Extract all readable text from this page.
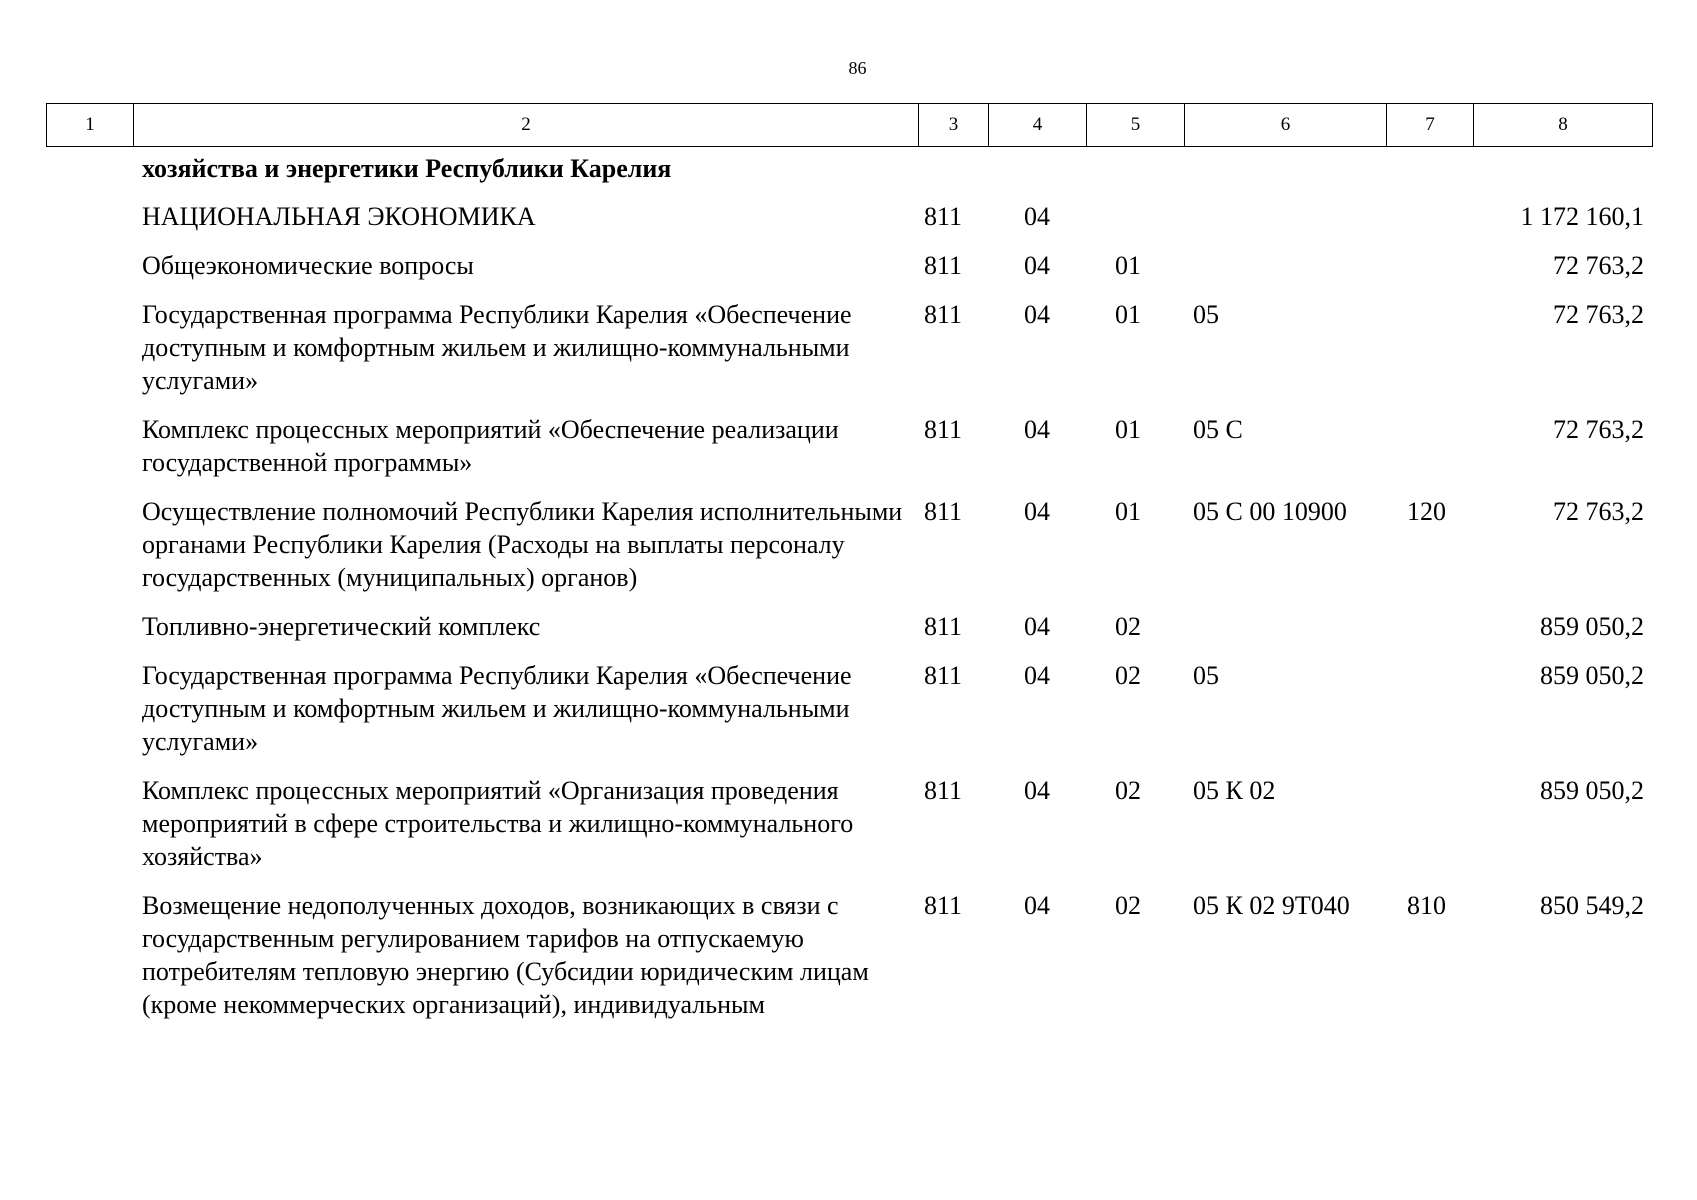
86
1	2	3	4	5	6	7	8
хозяйства и энергетики Республики Карелия						
НАЦИОНАЛЬНАЯ ЭКОНОМИКА	811	04				1 172 160,1
Общеэкономические вопросы	811	04	01			72 763,2
Государственная программа Республики Карелия «Обеспечение доступным и комфортным жильем и жилищно-коммунальными услугами»	811	04	01	05		72 763,2
Комплекс процессных мероприятий «Обеспечение реализации государственной программы»	811	04	01	05 С		72 763,2
Осуществление полномочий Республики Карелия исполнительными органами Республики Карелия (Расходы на выплаты персоналу государственных (муниципальных) органов)	811	04	01	05 С 00 10900	120	72 763,2
Топливно-энергетический комплекс	811	04	02			859 050,2
Государственная программа Республики Карелия «Обеспечение доступным и комфортным жильем и жилищно-коммунальными услугами»	811	04	02	05		859 050,2
Комплекс процессных мероприятий «Организация проведения мероприятий в сфере строительства и жилищно-коммунального хозяйства»	811	04	02	05 К 02		859 050,2
Возмещение недополученных доходов, возникающих в связи с государственным регулированием тарифов на отпускаемую потребителям тепловую энергию (Субсидии юридическим лицам (кроме некоммерческих организаций), индивидуальным	811	04	02	05 К 02 9Т040	810	850 549,2
